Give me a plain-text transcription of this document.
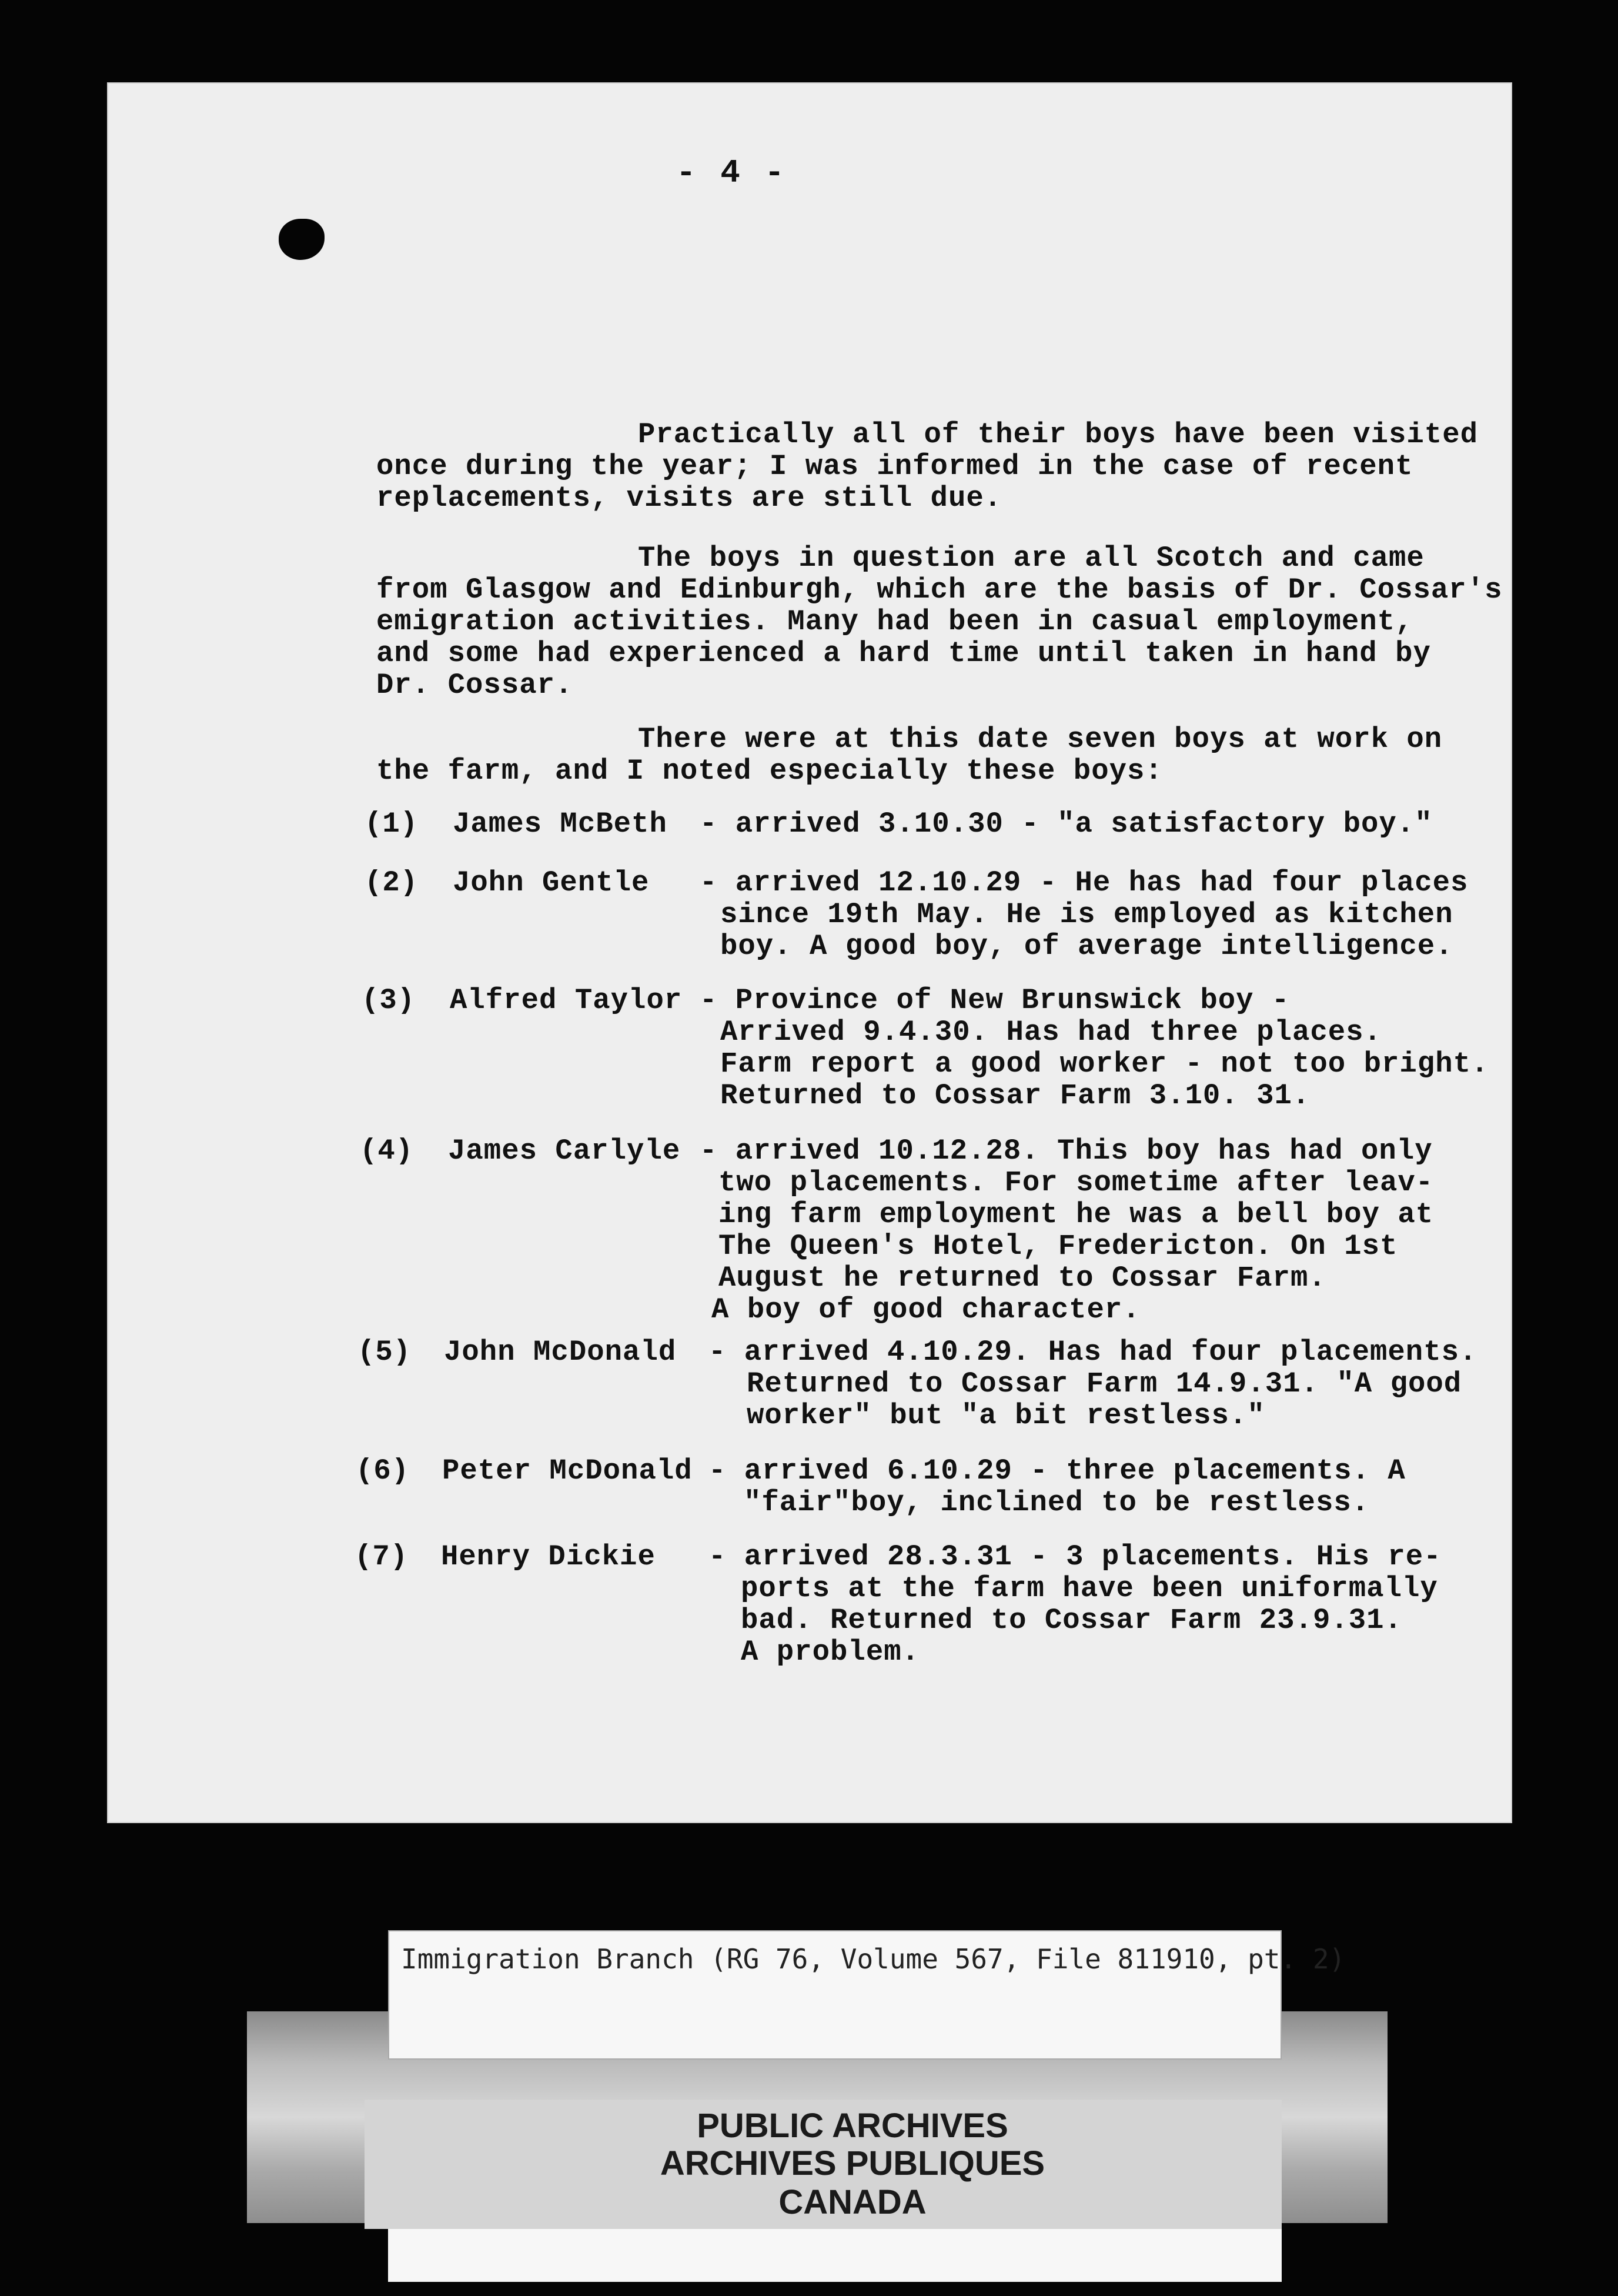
- 4 -
Practically all of their boys have been visited
once during the year; I was informed in the case of recent
replacements, visits are still due.
The boys in question are all Scotch and came
from Glasgow and Edinburgh, which are the basis of Dr. Cossar's
emigration activities. Many had been in casual employment,
and some had experienced a hard time until taken in hand by
Dr. Cossar.
There were at this date seven boys at work on
the farm, and I noted especially these boys:
(1) James McBeth - arrived 3.10.30 - "a satisfactory boy."
(2) John Gentle - arrived 12.10.29 - He has had four places
since 19th May. He is employed as kitchen
boy. A good boy, of average intelligence.
(3) Alfred Taylor - Province of New Brunswick boy -
Arrived 9.4.30. Has had three places.
Farm report a good worker - not too bright.
Returned to Cossar Farm 3.10. 31.
(4) James Carlyle - arrived 10.12.28. This boy has had only
two placements. For sometime after leav-
ing farm employment he was a bell boy at
The Queen's Hotel, Fredericton. On 1st
August he returned to Cossar Farm.
A boy of good character.
(5) John McDonald - arrived 4.10.29. Has had four placements.
Returned to Cossar Farm 14.9.31. "A good
worker" but "a bit restless."
(6) Peter McDonald - arrived 6.10.29 - three placements. A
"fair"boy, inclined to be restless.
(7) Henry Dickie - arrived 28.3.31 - 3 placements. His re-
ports at the farm have been uniformally
bad. Returned to Cossar Farm 23.9.31.
A problem.
Immigration Branch (RG 76, Volume 567, File 811910, pt. 2)
PUBLIC ARCHIVES
ARCHIVES PUBLIQUES
CANADA
